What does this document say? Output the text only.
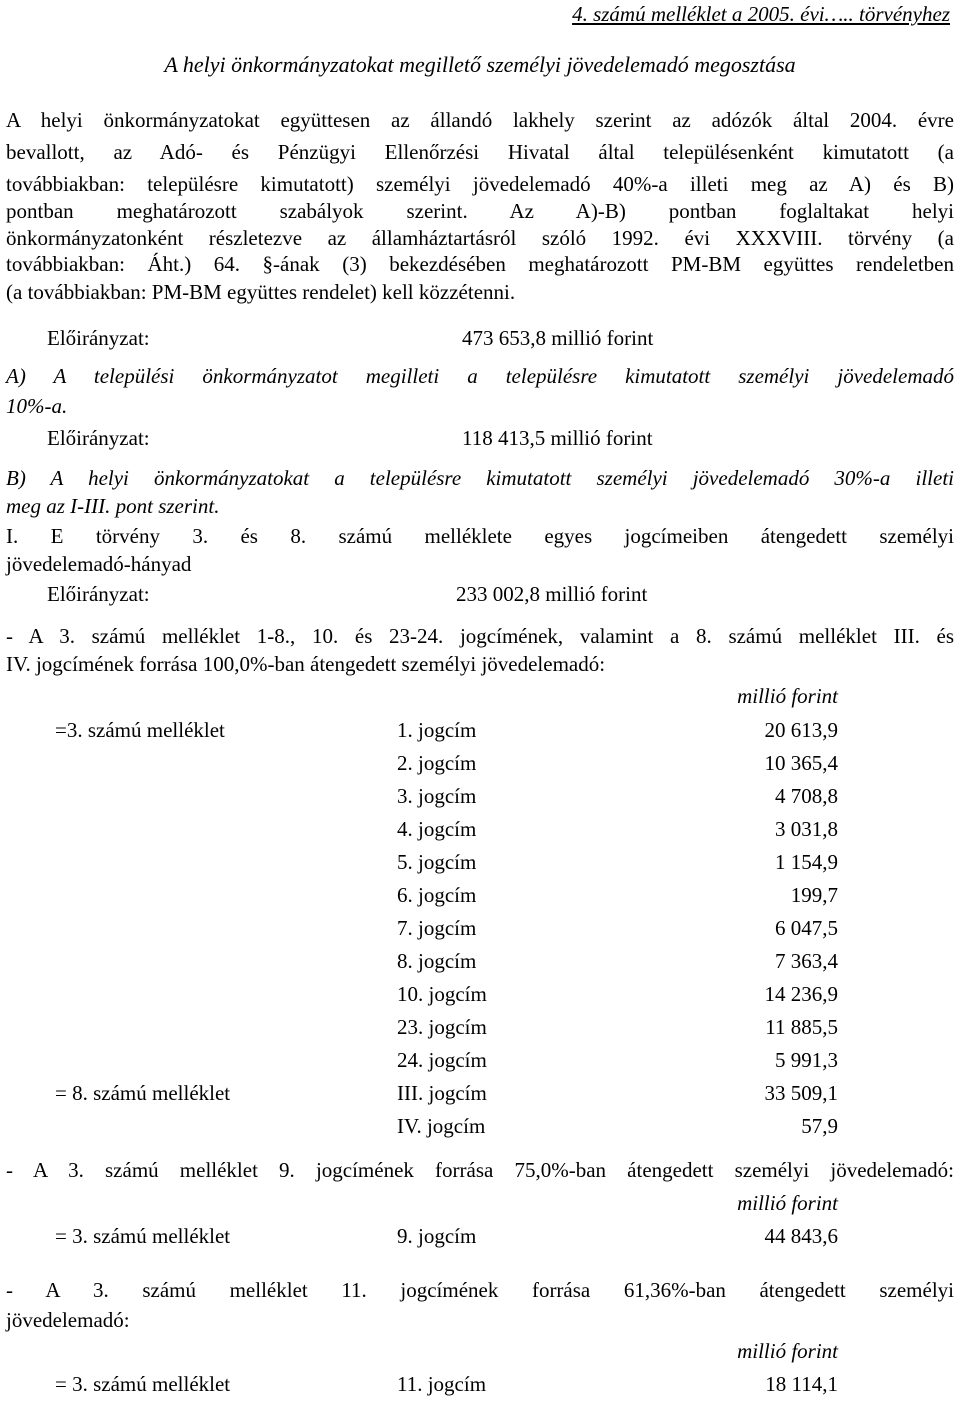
4. számú melléklet a 2005. évi….. törvényhez
A helyi önkormányzatokat megillető személyi jövedelemadó megosztása
A helyi önkormányzatokat együttesen az állandó lakhely szerint az adózók által 2004. évre
bevallott, az Adó- és Pénzügyi Ellenőrzési Hivatal által településenként kimutatott (a
továbbiakban: településre kimutatott) személyi jövedelemadó 40%-a illeti meg az A) és B)
pontban meghatározott szabályok szerint. Az A)-B) pontban foglaltakat helyi
önkormányzatonként részletezve az államháztartásról szóló 1992. évi XXXVIII. törvény (a
továbbiakban: Áht.) 64. §-ának (3) bekezdésében meghatározott PM-BM együttes rendeletben
(a továbbiakban: PM-BM együttes rendelet) kell közzétenni.
Előirányzat:	473 653,8 millió forint
A) A települési önkormányzatot megilleti a településre kimutatott személyi jövedelemadó
10%-a.
Előirányzat:	118 413,5 millió forint
B) A helyi önkormányzatokat a településre kimutatott személyi jövedelemadó 30%-a illeti
meg az I-III. pont szerint.
I. E törvény 3. és 8. számú melléklete egyes jogcímeiben átengedett személyi
jövedelemadó-hányad
Előirányzat:	233 002,8 millió forint
- A 3. számú melléklet 1-8., 10. és 23-24. jogcímének, valamint a 8. számú melléklet III. és
IV. jogcímének forrása 100,0%-ban átengedett személyi jövedelemadó:
millió forint
=3. számú melléklet	1. jogcím	20 613,9
2. jogcím	10 365,4
3. jogcím	4 708,8
4. jogcím	3 031,8
5. jogcím	1 154,9
6. jogcím	199,7
7. jogcím	6 047,5
8. jogcím	7 363,4
10. jogcím	14 236,9
23. jogcím	11 885,5
24. jogcím	5 991,3
= 8. számú melléklet	III. jogcím	33 509,1
IV. jogcím	57,9
- A 3. számú melléklet 9. jogcímének forrása 75,0%-ban átengedett személyi jövedelemadó:
millió forint
= 3. számú melléklet	9. jogcím	44 843,6
- A 3. számú melléklet 11. jogcímének forrása 61,36%-ban átengedett személyi
jövedelemadó:
millió forint
= 3. számú melléklet	11. jogcím	18 114,1
